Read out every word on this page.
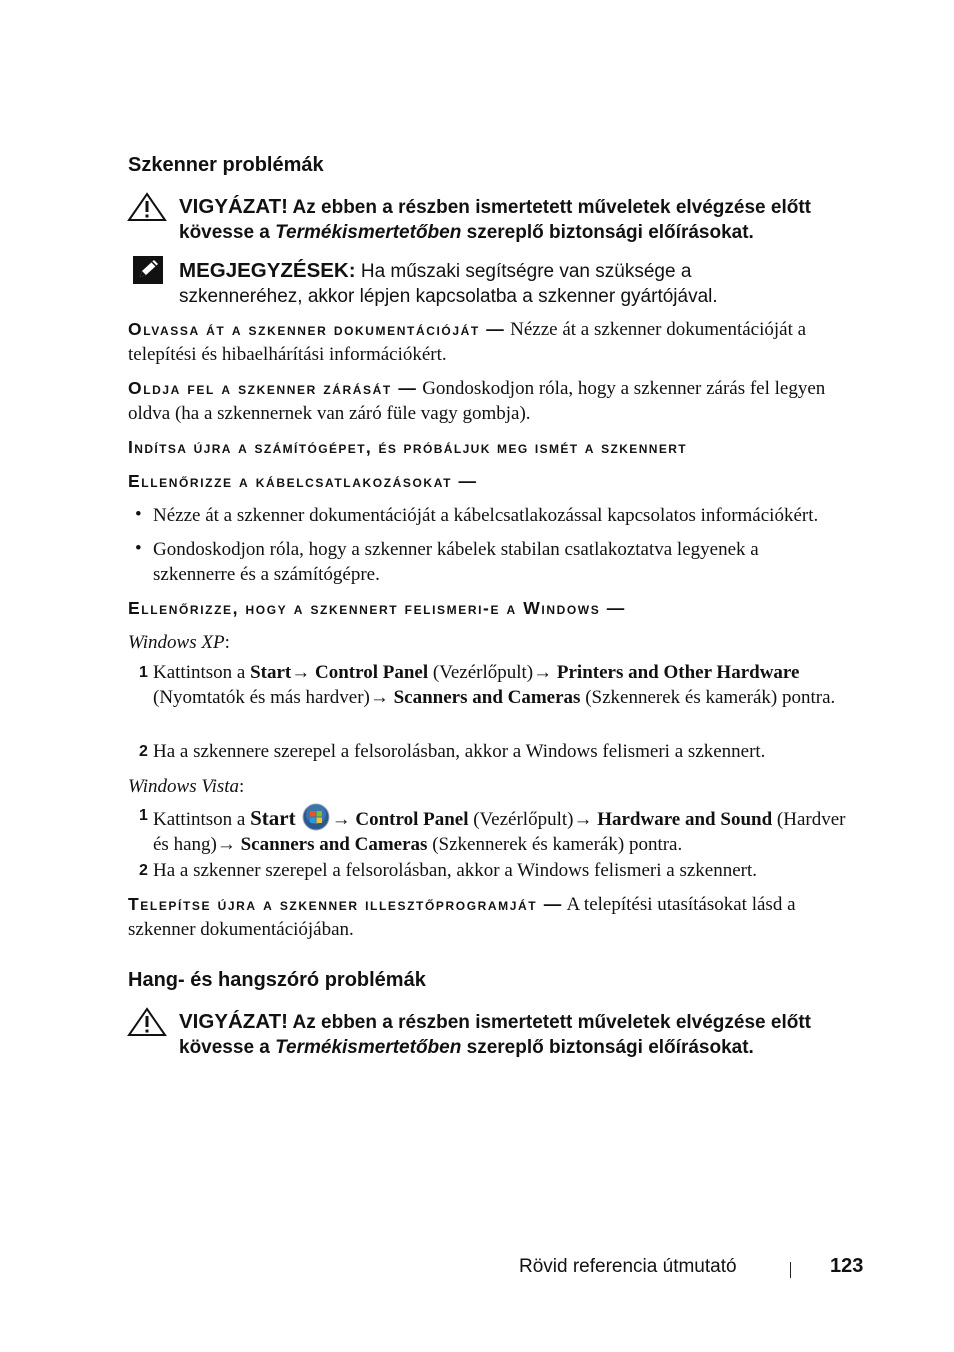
Szkenner problémák
VIGYÁZAT! Az ebben a részben ismertetett műveletek elvégzése előtt kövesse a Termékismertetőben szereplő biztonsági előírásokat.
MEGJEGYZÉSEK: Ha műszaki segítségre van szüksége a szkenneréhez, akkor lépjen kapcsolatba a szkenner gyártójával.
Olvassa át a szkenner dokumentációját — Nézze át a szkenner dokumentációját a telepítési és hibaelhárítási információkért.
Oldja fel a szkenner zárását — Gondoskodjon róla, hogy a szkenner zárás fel legyen oldva (ha a szkennernek van záró füle vagy gombja).
Indítsa újra a számítógépet, és próbáljuk meg ismét a szkennert
Ellenőrizze a kábelcsatlakozásokat —
• Nézze át a szkenner dokumentációját a kábelcsatlakozással kapcsolatos információkért.
• Gondoskodjon róla, hogy a szkenner kábelek stabilan csatlakoztatva legyenek a szkennerre és a számítógépre.
Ellenőrizze, hogy a szkennert felismeri-e a Windows —
Windows XP:
1 Kattintson a Start→ Control Panel (Vezérlőpult)→ Printers and Other Hardware (Nyomtatók és más hardver)→ Scanners and Cameras (Szkennerek és kamerák) pontra.
2 Ha a szkennere szerepel a felsorolásban, akkor a Windows felismeri a szkennert.
Windows Vista:
1 Kattintson a Start → Control Panel (Vezérlőpult)→ Hardware and Sound (Hardver és hang)→ Scanners and Cameras (Szkennerek és kamerák) pontra.
2 Ha a szkenner szerepel a felsorolásban, akkor a Windows felismeri a szkennert.
Telepítse újra a szkenner illesztőprogramját — A telepítési utasításokat lásd a szkenner dokumentációjában.
Hang- és hangszóró problémák
VIGYÁZAT! Az ebben a részben ismertetett műveletek elvégzése előtt kövesse a Termékismertetőben szereplő biztonsági előírásokat.
Rövid referencia útmutató	123
